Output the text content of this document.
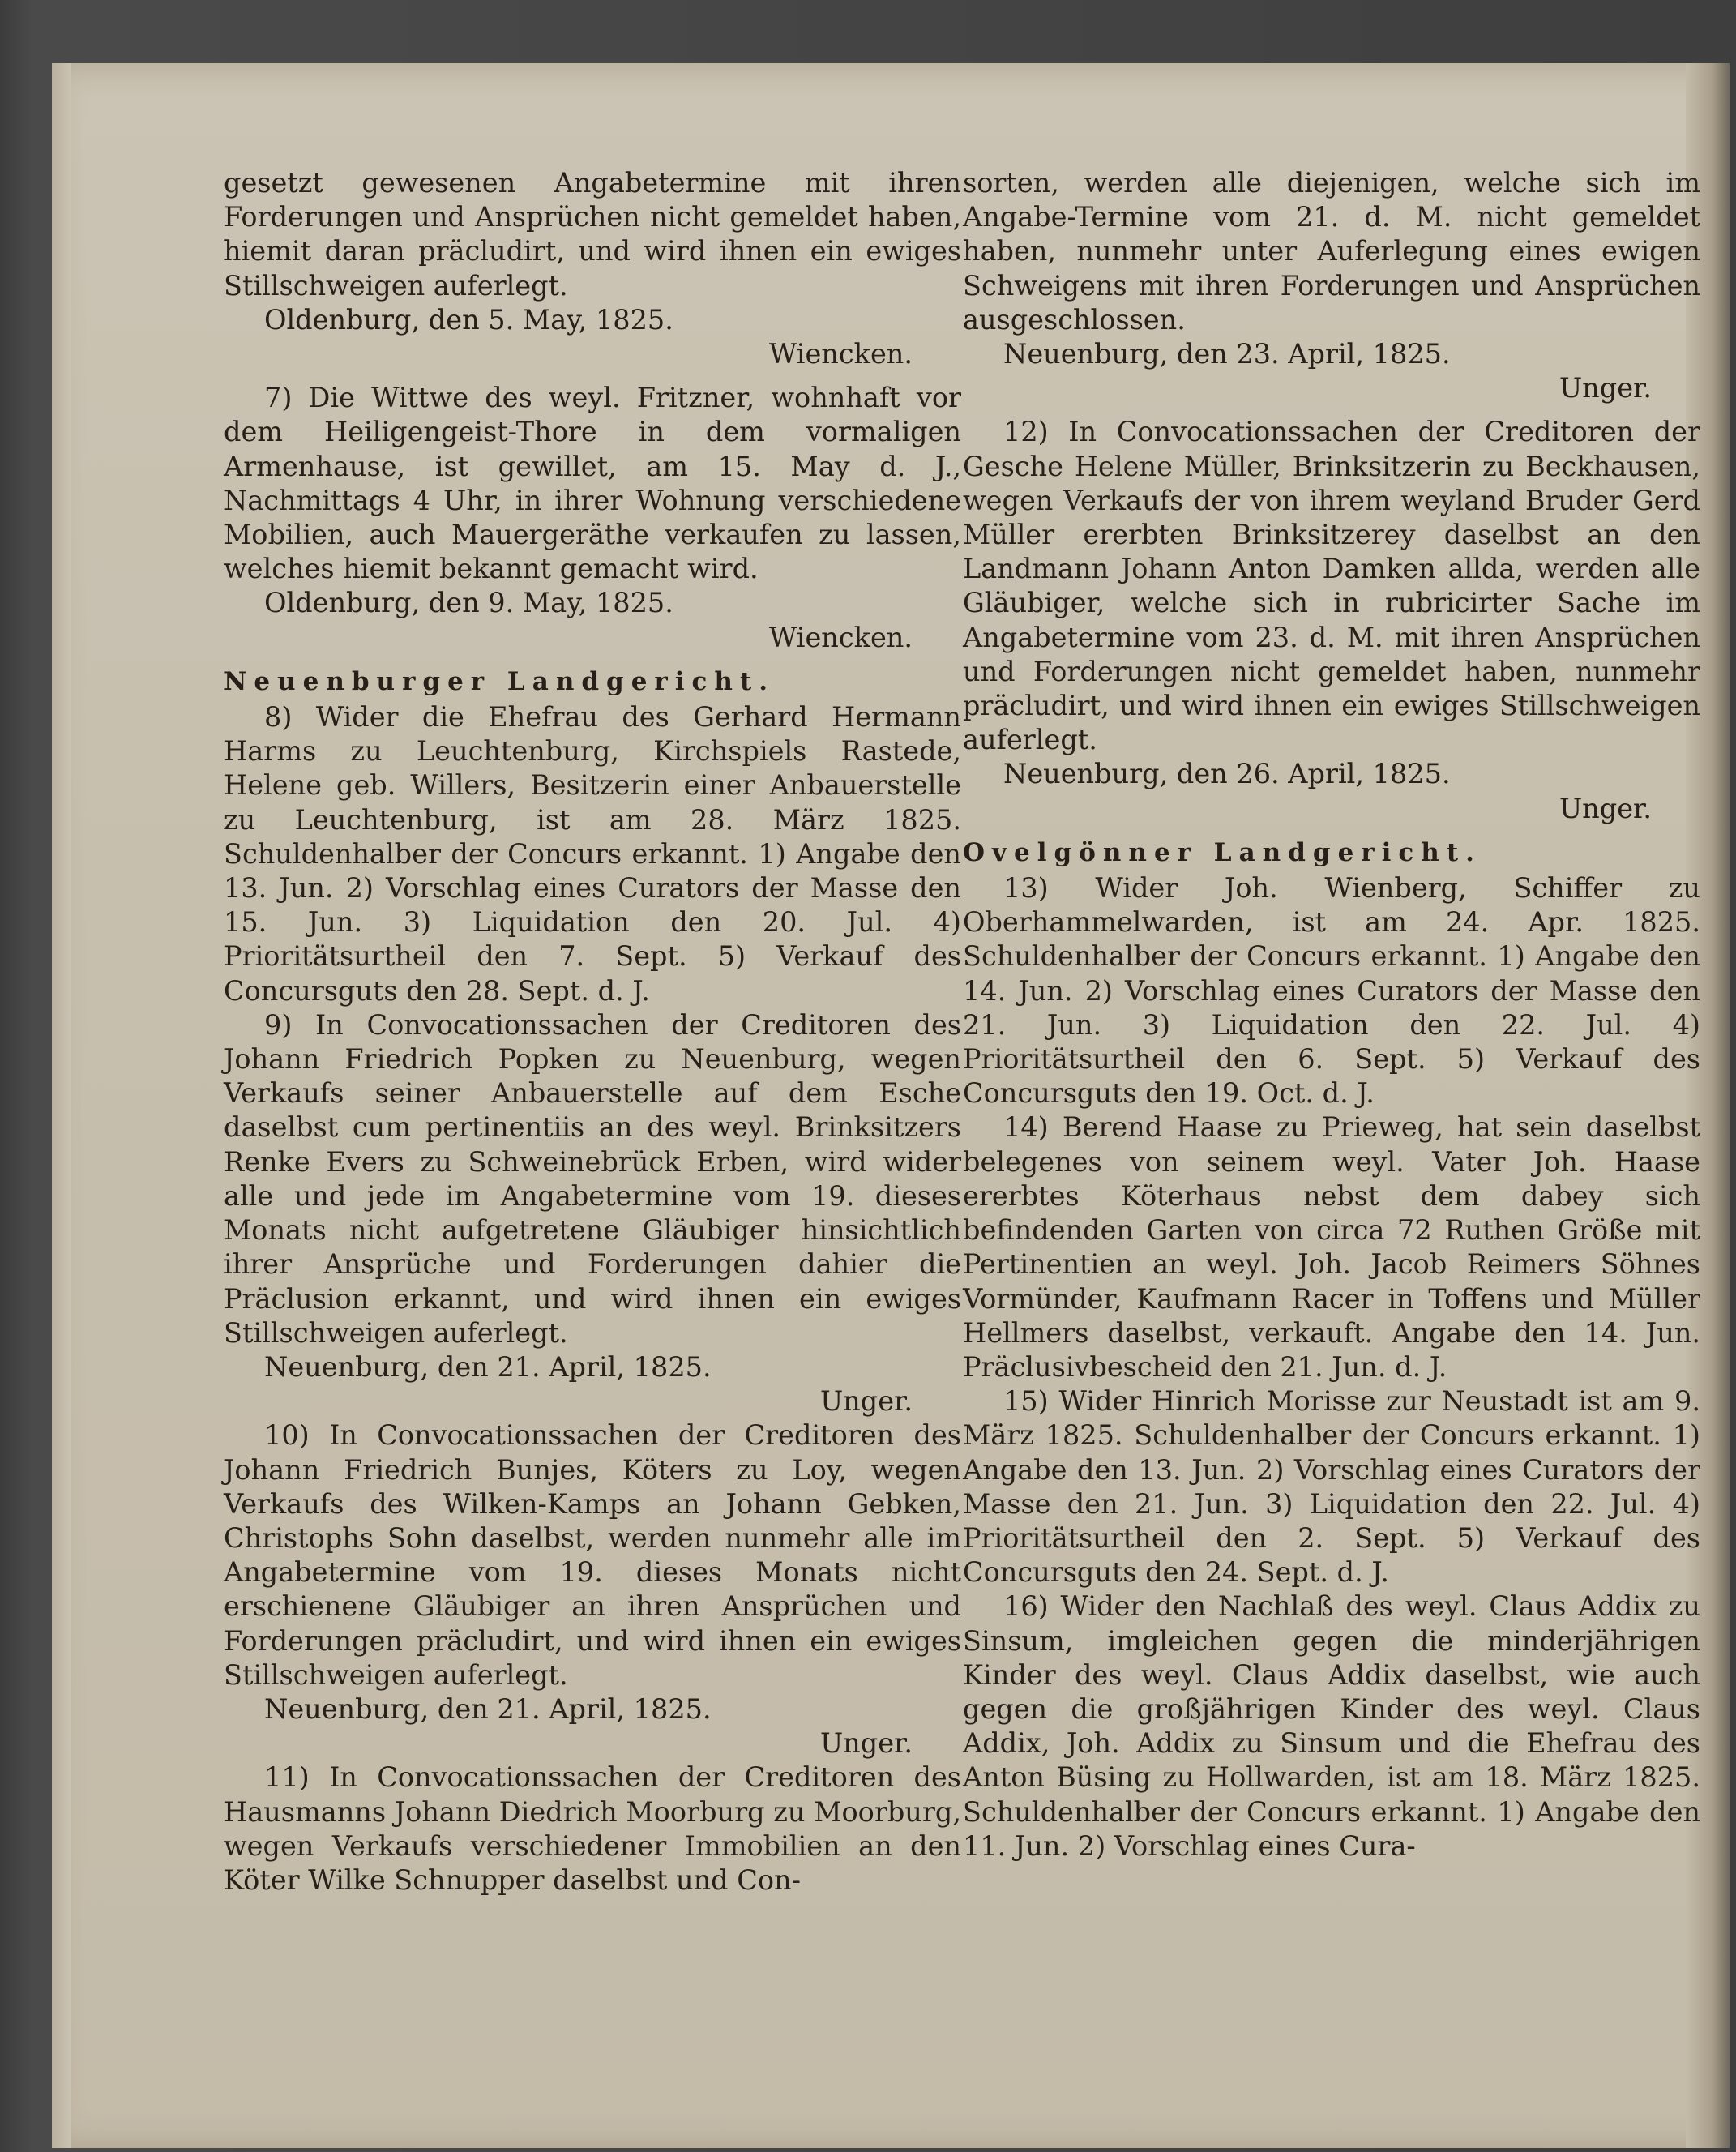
gesetzt gewesenen Angabetermine mit ihren Forderungen und Ansprüchen nicht gemeldet haben, hiemit daran präcludirt, und wird ihnen ein ewiges Stillschweigen auferlegt.

Oldenburg, den 5. May, 1825.

Wiencken.

7) Die Wittwe des weyl. Fritzner, wohnhaft vor dem Heiligengeist-Thore in dem vormaligen Armenhause, ist gewillet, am 15. May d. J., Nachmittags 4 Uhr, in ihrer Wohnung verschiedene Mobilien, auch Mauergeräthe verkaufen zu lassen, welches hiemit bekannt gemacht wird.

Oldenburg, den 9. May, 1825.

Wiencken.

Neuenburger Landgericht.

8) Wider die Ehefrau des Gerhard Hermann Harms zu Leuchtenburg, Kirchspiels Rastede, Helene geb. Willers, Besitzerin einer Anbauerstelle zu Leuchtenburg, ist am 28. März 1825. Schuldenhalber der Concurs erkannt. 1) Angabe den 13. Jun. 2) Vorschlag eines Curators der Masse den 15. Jun. 3) Liquidation den 20. Jul. 4) Prioritätsurtheil den 7. Sept. 5) Verkauf des Concursguts den 28. Sept. d. J.

9) In Convocationssachen der Creditoren des Johann Friedrich Popken zu Neuenburg, wegen Verkaufs seiner Anbauerstelle auf dem Esche daselbst cum pertinentiis an des weyl. Brinksitzers Renke Evers zu Schweinebrück Erben, wird wider alle und jede im Angabetermine vom 19. dieses Monats nicht aufgetretene Gläubiger hinsichtlich ihrer Ansprüche und Forderungen dahier die Präclusion erkannt, und wird ihnen ein ewiges Stillschweigen auferlegt.

Neuenburg, den 21. April, 1825.

Unger.

10) In Convocationssachen der Creditoren des Johann Friedrich Bunjes, Köters zu Loy, wegen Verkaufs des Wilken-Kamps an Johann Gebken, Christophs Sohn daselbst, werden nunmehr alle im Angabetermine vom 19. dieses Monats nicht erschienene Gläubiger an ihren Ansprüchen und Forderungen präcludirt, und wird ihnen ein ewiges Stillschweigen auferlegt.

Neuenburg, den 21. April, 1825.

Unger.

11) In Convocationssachen der Creditoren des Hausmanns Johann Diedrich Moorburg zu Moorburg, wegen Verkaufs verschiedener Immobilien an den Köter Wilke Schnupper daselbst und Con-

sorten, werden alle diejenigen, welche sich im Angabe-Termine vom 21. d. M. nicht gemeldet haben, nunmehr unter Auferlegung eines ewigen Schweigens mit ihren Forderungen und Ansprüchen ausgeschlossen.

Neuenburg, den 23. April, 1825.

Unger.

12) In Convocationssachen der Creditoren der Gesche Helene Müller, Brinksitzerin zu Beckhausen, wegen Verkaufs der von ihrem weyland Bruder Gerd Müller ererbten Brinksitzerey daselbst an den Landmann Johann Anton Damken allda, werden alle Gläubiger, welche sich in rubricirter Sache im Angabetermine vom 23. d. M. mit ihren Ansprüchen und Forderungen nicht gemeldet haben, nunmehr präcludirt, und wird ihnen ein ewiges Stillschweigen auferlegt.

Neuenburg, den 26. April, 1825.

Unger.

Ovelgönner Landgericht.

13) Wider Joh. Wienberg, Schiffer zu Oberhammelwarden, ist am 24. Apr. 1825. Schuldenhalber der Concurs erkannt. 1) Angabe den 14. Jun. 2) Vorschlag eines Curators der Masse den 21. Jun. 3) Liquidation den 22. Jul. 4) Prioritätsurtheil den 6. Sept. 5) Verkauf des Concursguts den 19. Oct. d. J.

14) Berend Haase zu Prieweg, hat sein daselbst belegenes von seinem weyl. Vater Joh. Haase ererbtes Köterhaus nebst dem dabey sich befindenden Garten von circa 72 Ruthen Größe mit Pertinentien an weyl. Joh. Jacob Reimers Söhnes Vormünder, Kaufmann Racer in Toffens und Müller Hellmers daselbst, verkauft. Angabe den 14. Jun. Präclusivbescheid den 21. Jun. d. J.

15) Wider Hinrich Morisse zur Neustadt ist am 9. März 1825. Schuldenhalber der Concurs erkannt. 1) Angabe den 13. Jun. 2) Vorschlag eines Curators der Masse den 21. Jun. 3) Liquidation den 22. Jul. 4) Prioritätsurtheil den 2. Sept. 5) Verkauf des Concursguts den 24. Sept. d. J.

16) Wider den Nachlaß des weyl. Claus Addix zu Sinsum, imgleichen gegen die minderjährigen Kinder des weyl. Claus Addix daselbst, wie auch gegen die großjährigen Kinder des weyl. Claus Addix, Joh. Addix zu Sinsum und die Ehefrau des Anton Büsing zu Hollwarden, ist am 18. März 1825. Schuldenhalber der Concurs erkannt. 1) Angabe den 11. Jun. 2) Vorschlag eines Cura-
